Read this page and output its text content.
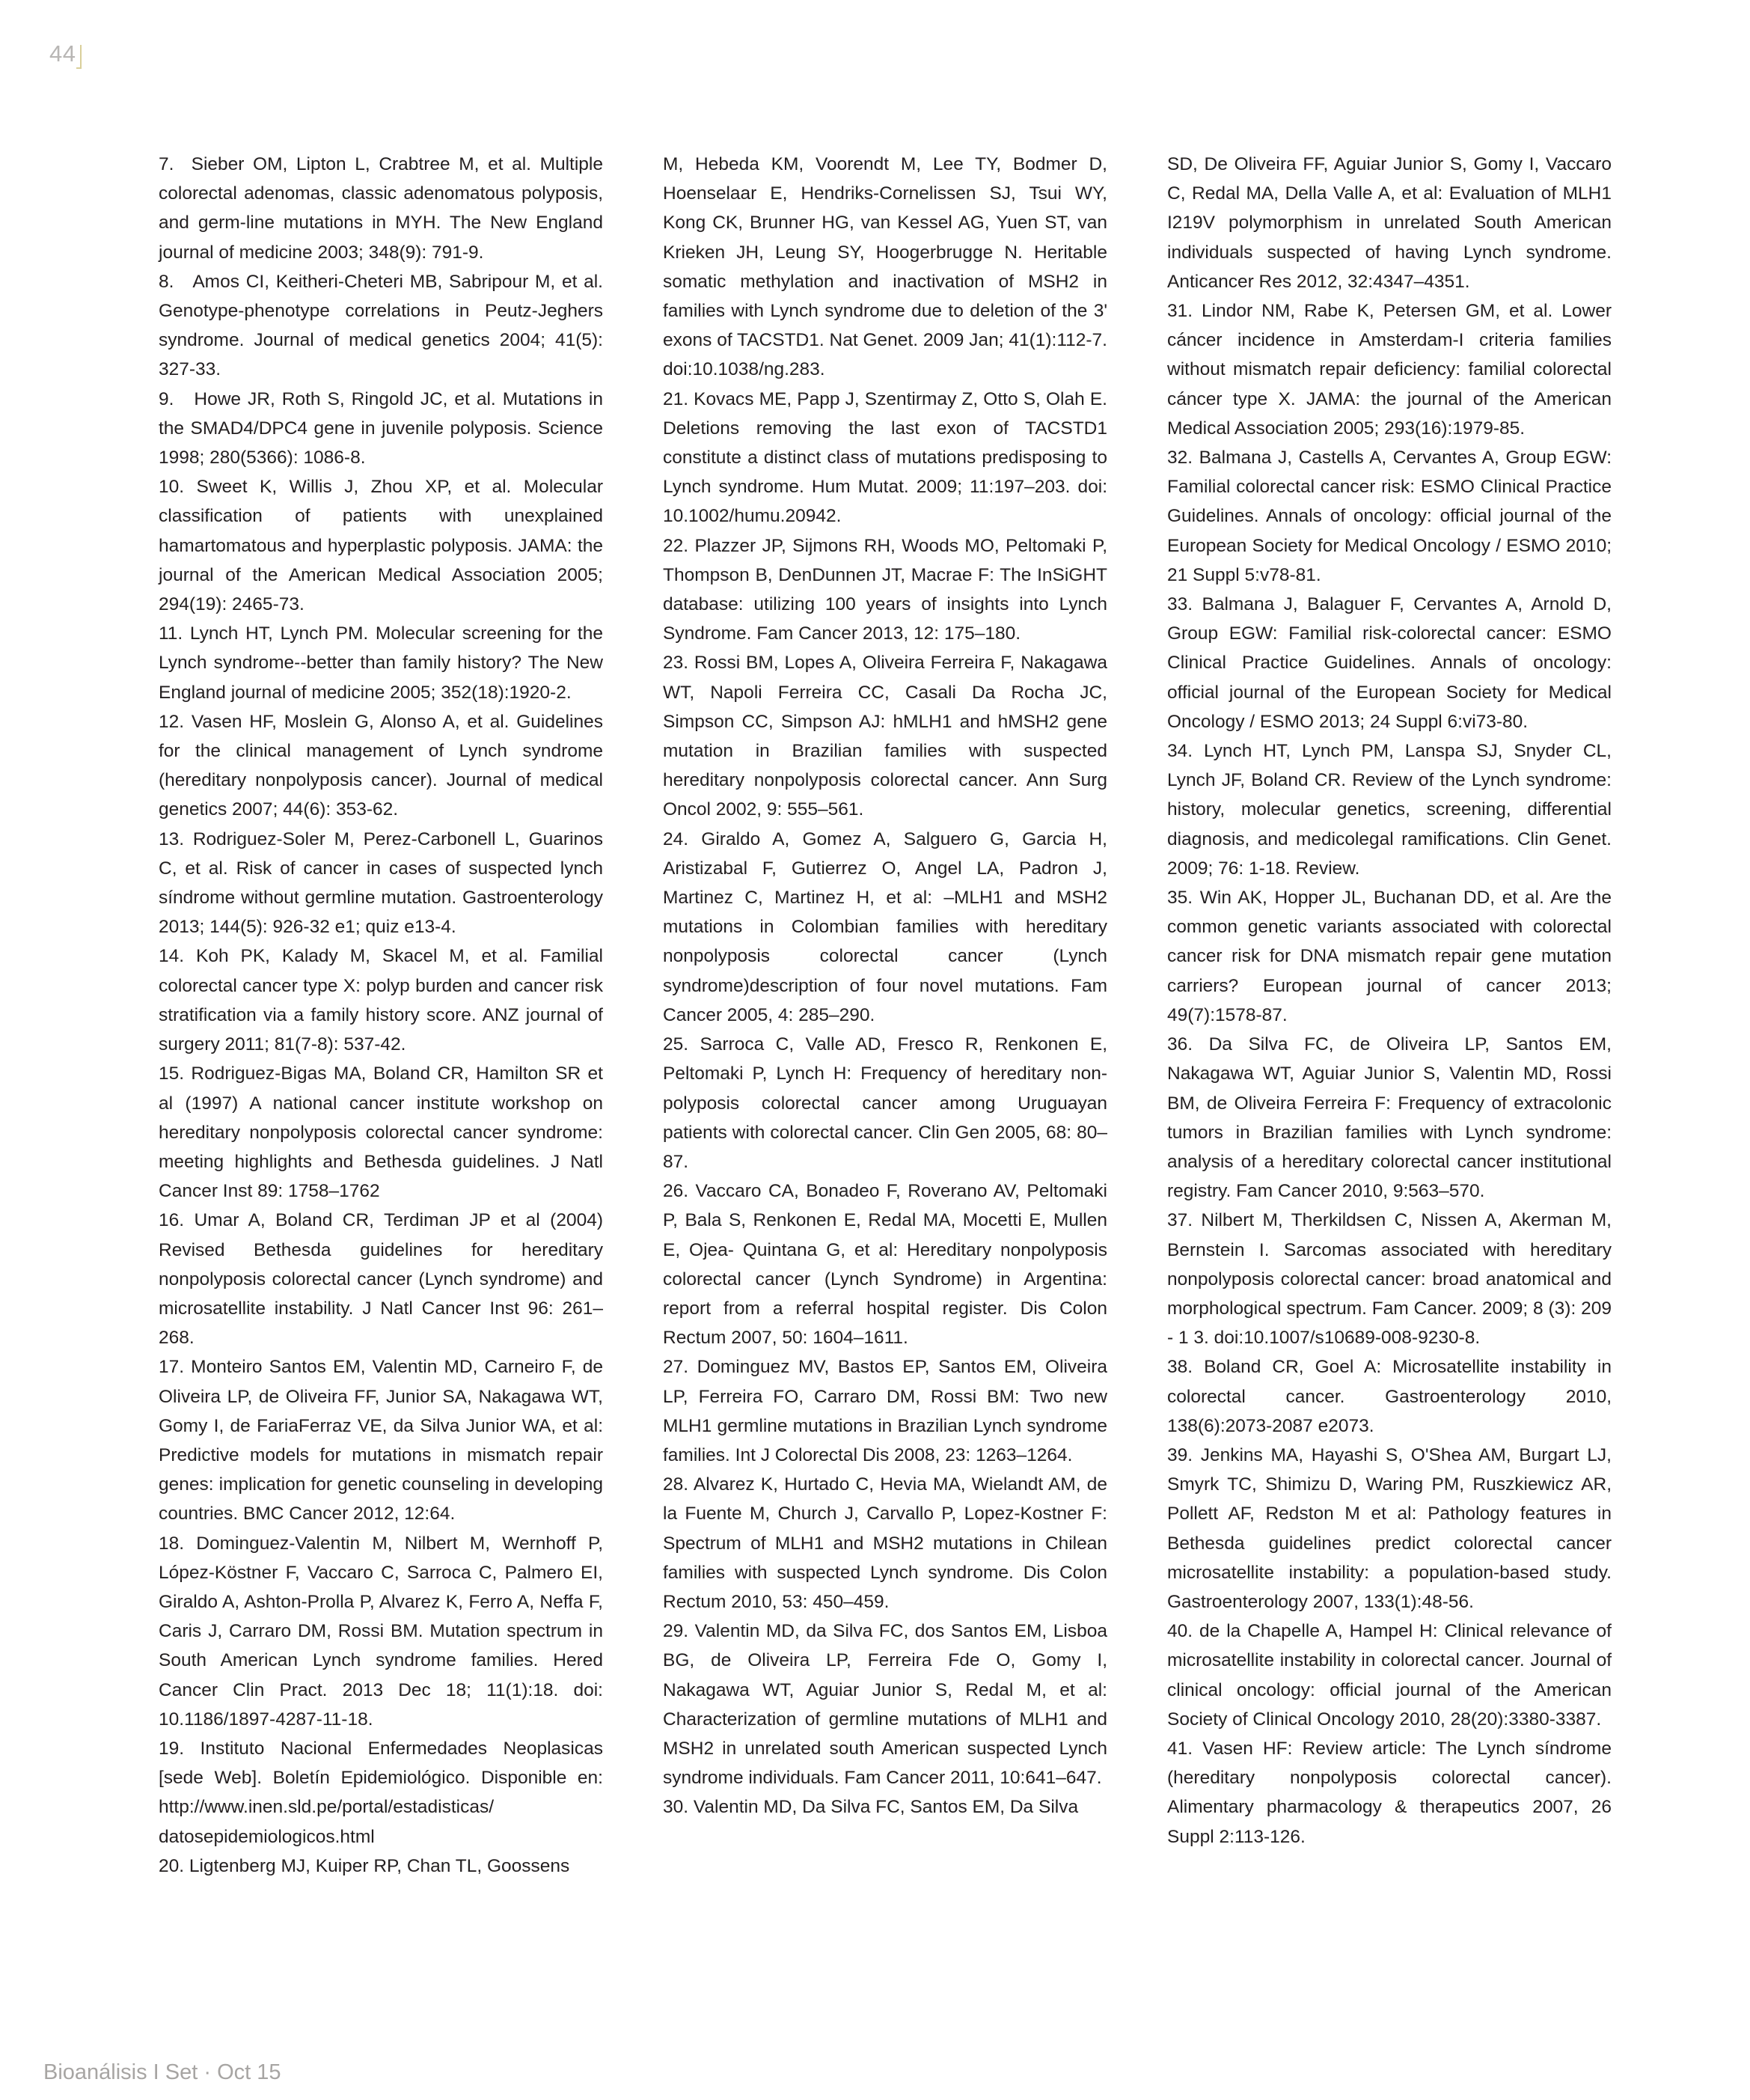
44

7.  Sieber OM, Lipton L, Crabtree M, et al. Multiple colorectal adenomas, classic adenomatous polyposis, and germ-line mutations in MYH. The New England journal of medicine 2003; 348(9): 791-9.

8.   Amos CI, Keitheri-Cheteri MB, Sabripour M, et al. Genotype-phenotype correlations in Peutz-Jeghers syndrome. Journal of medical genetics 2004; 41(5): 327-33.

9.   Howe JR, Roth S, Ringold JC, et al. Mutations in the SMAD4/DPC4 gene in juvenile polyposis. Science 1998; 280(5366): 1086-8.

10. Sweet K, Willis J, Zhou XP, et al. Molecular classification of patients with unexplained hamartomatous and hyperplastic polyposis. JAMA: the journal of the American Medical Association 2005; 294(19): 2465-73.

11. Lynch HT, Lynch PM. Molecular screening for the Lynch syndrome--better than family history? The New England journal of medicine 2005; 352(18):1920-2.

12. Vasen HF, Moslein G, Alonso A, et al. Guidelines for the clinical management of Lynch syndrome (hereditary nonpolyposis cancer). Journal of medical genetics 2007; 44(6): 353-62.

13. Rodriguez-Soler M, Perez-Carbonell L, Guarinos C, et al. Risk of cancer in cases of suspected lynch síndrome without germline mutation. Gastroenterology 2013; 144(5): 926-32 e1; quiz e13-4.

14. Koh PK, Kalady M, Skacel M, et al. Familial colorectal cancer type X: polyp burden and cancer risk stratification via a family history score. ANZ journal of surgery 2011; 81(7-8): 537-42.

15. Rodriguez-Bigas MA, Boland CR, Hamilton SR et al (1997) A national cancer institute workshop on hereditary nonpolyposis colorectal cancer syndrome: meeting highlights and Bethesda guidelines. J Natl Cancer Inst 89: 1758–1762

16. Umar A, Boland CR, Terdiman JP et al (2004) Revised Bethesda guidelines for hereditary nonpolyposis colorectal cancer (Lynch syndrome) and microsatellite instability. J Natl Cancer Inst 96: 261–268.

17. Monteiro Santos EM, Valentin MD, Carneiro F, de Oliveira LP, de Oliveira FF, Junior SA, Nakagawa WT, Gomy I, de FariaFerraz VE, da Silva Junior WA, et al: Predictive models for mutations in mismatch repair genes: implication for genetic counseling in developing countries. BMC Cancer 2012, 12:64.

18. Dominguez-Valentin M, Nilbert M, Wernhoff P, López-Köstner F, Vaccaro C, Sarroca C, Palmero EI, Giraldo A, Ashton-Prolla P, Alvarez K, Ferro A, Neffa F, Caris J, Carraro DM, Rossi BM. Mutation spectrum in South American Lynch syndrome families. Hered Cancer Clin Pract. 2013 Dec 18; 11(1):18. doi: 10.1186/1897-4287-11-18.

19. Instituto Nacional Enfermedades Neoplasicas [sede Web]. Boletín Epidemiológico. Disponible en: http://www.inen.sld.pe/portal/estadisticas/ datosepidemiologicos.html

20. Ligtenberg MJ, Kuiper RP, Chan TL, Goossens

M, Hebeda KM, Voorendt M, Lee TY, Bodmer D, Hoenselaar E, Hendriks-Cornelissen SJ, Tsui WY, Kong CK, Brunner HG, van Kessel AG, Yuen ST, van Krieken JH, Leung SY, Hoogerbrugge N. Heritable somatic methylation and inactivation of MSH2 in families with Lynch syndrome due to deletion of the 3' exons of TACSTD1. Nat Genet. 2009 Jan; 41(1):112-7. doi:10.1038/ng.283.

21. Kovacs ME, Papp J, Szentirmay Z, Otto S, Olah E. Deletions removing the last exon of TACSTD1 constitute a distinct class of mutations predisposing to Lynch syndrome. Hum Mutat. 2009; 11:197–203. doi: 10.1002/humu.20942.

22. Plazzer JP, Sijmons RH, Woods MO, Peltomaki P, Thompson B, DenDunnen JT, Macrae F: The InSiGHT database: utilizing 100 years of insights into Lynch Syndrome. Fam Cancer 2013, 12: 175–180.

23. Rossi BM, Lopes A, Oliveira Ferreira F, Nakagawa WT, Napoli Ferreira CC, Casali Da Rocha JC, Simpson CC, Simpson AJ: hMLH1 and hMSH2 gene mutation in Brazilian families with suspected hereditary nonpolyposis colorectal cancer. Ann Surg Oncol 2002, 9: 555–561.

24. Giraldo A, Gomez A, Salguero G, Garcia H, Aristizabal F, Gutierrez O, Angel LA, Padron J, Martinez C, Martinez H, et al: –MLH1 and MSH2 mutations in Colombian families with hereditary nonpolyposis colorectal cancer (Lynch syndrome)description of four novel mutations. Fam Cancer 2005, 4: 285–290.

25. Sarroca C, Valle AD, Fresco R, Renkonen E, Peltomaki P, Lynch H: Frequency of hereditary non-polyposis colorectal cancer among Uruguayan patients with colorectal cancer. Clin Gen 2005, 68: 80–87.

26. Vaccaro CA, Bonadeo F, Roverano AV, Peltomaki P, Bala S, Renkonen E, Redal MA, Mocetti E, Mullen E, Ojea- Quintana G, et al: Hereditary nonpolyposis colorectal cancer (Lynch Syndrome) in Argentina: report from a referral hospital register. Dis Colon Rectum 2007, 50: 1604–1611.

27. Dominguez MV, Bastos EP, Santos EM, Oliveira LP, Ferreira FO, Carraro DM, Rossi BM: Two new MLH1 germline mutations in Brazilian Lynch syndrome families. Int J Colorectal Dis 2008, 23: 1263–1264.

28. Alvarez K, Hurtado C, Hevia MA, Wielandt AM, de la Fuente M, Church J, Carvallo P, Lopez-Kostner F: Spectrum of MLH1 and MSH2 mutations in Chilean families with suspected Lynch syndrome. Dis Colon Rectum 2010, 53: 450–459.

29. Valentin MD, da Silva FC, dos Santos EM, Lisboa BG, de Oliveira LP, Ferreira Fde O, Gomy I, Nakagawa WT, Aguiar Junior S, Redal M, et al: Characterization of germline mutations of MLH1 and MSH2 in unrelated south American suspected Lynch syndrome individuals. Fam Cancer 2011, 10:641–647.

30. Valentin MD, Da Silva FC, Santos EM, Da Silva

SD, De Oliveira FF, Aguiar Junior S, Gomy I, Vaccaro C, Redal MA, Della Valle A, et al: Evaluation of MLH1 I219V polymorphism in unrelated South American individuals suspected of having Lynch syndrome. Anticancer Res 2012, 32:4347–4351.

31. Lindor NM, Rabe K, Petersen GM, et al. Lower cáncer incidence in Amsterdam-I criteria families without mismatch repair deficiency: familial colorectal cáncer type X. JAMA: the journal of the American Medical Association 2005; 293(16):1979-85.

32. Balmana J, Castells A, Cervantes A, Group EGW: Familial colorectal cancer risk: ESMO Clinical Practice Guidelines. Annals of oncology: official journal of the European Society for Medical Oncology / ESMO 2010; 21 Suppl 5:v78-81.

33. Balmana J, Balaguer F, Cervantes A, Arnold D, Group EGW: Familial risk-colorectal cancer: ESMO Clinical Practice Guidelines. Annals of oncology: official journal of the European Society for Medical Oncology / ESMO 2013; 24 Suppl 6:vi73-80.

34. Lynch HT, Lynch PM, Lanspa SJ, Snyder CL, Lynch JF, Boland CR. Review of the Lynch syndrome: history, molecular genetics, screening, differential diagnosis, and medicolegal ramifications. Clin Genet. 2009; 76: 1-18. Review.

35. Win AK, Hopper JL, Buchanan DD, et al. Are the common genetic variants associated with colorectal cancer risk for DNA mismatch repair gene mutation carriers? European journal of cancer 2013; 49(7):1578-87.

36. Da Silva FC, de Oliveira LP, Santos EM, Nakagawa WT, Aguiar Junior S, Valentin MD, Rossi BM, de Oliveira Ferreira F: Frequency of extracolonic tumors in Brazilian families with Lynch syndrome: analysis of a hereditary colorectal cancer institutional registry. Fam Cancer 2010, 9:563–570.

37. Nilbert M, Therkildsen C, Nissen A, Akerman M, Bernstein I. Sarcomas associated with hereditary nonpolyposis colorectal cancer: broad anatomical and morphological spectrum. Fam Cancer. 2009; 8 (3): 209 - 1 3. doi:10.1007/s10689-008-9230-8.

38. Boland CR, Goel A: Microsatellite instability in colorectal cancer. Gastroenterology 2010, 138(6):2073-2087 e2073.

39. Jenkins MA, Hayashi S, O'Shea AM, Burgart LJ, Smyrk TC, Shimizu D, Waring PM, Ruszkiewicz AR, Pollett AF, Redston M et al: Pathology features in Bethesda guidelines predict colorectal cancer microsatellite instability: a population-based study. Gastroenterology 2007, 133(1):48-56.

40. de la Chapelle A, Hampel H: Clinical relevance of microsatellite instability in colorectal cancer. Journal of clinical oncology: official journal of the American Society of Clinical Oncology 2010, 28(20):3380-3387.

41. Vasen HF: Review article: The Lynch síndrome (hereditary nonpolyposis colorectal cancer). Alimentary pharmacology & therapeutics 2007, 26 Suppl 2:113-126.

Bioanálisis I Set · Oct 15
